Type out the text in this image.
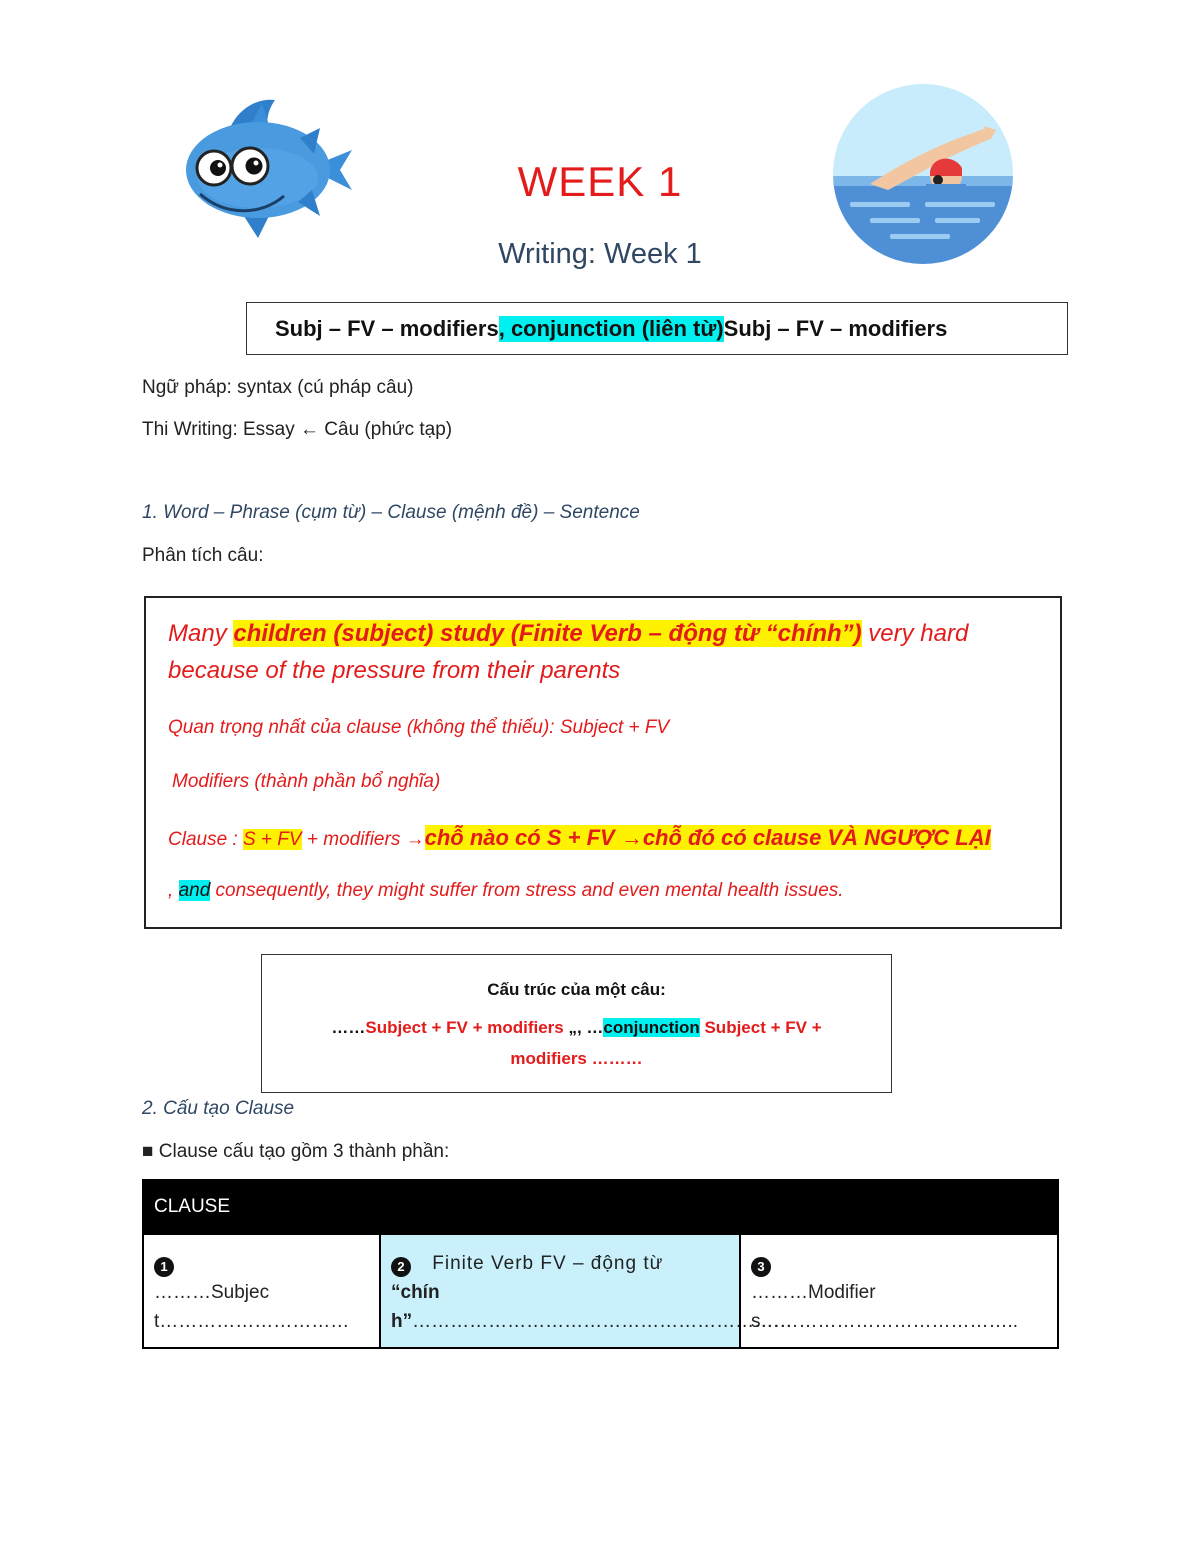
WEEK 1
Writing: Week 1
Subj – FV – modifiers , conjunction (liên từ) Subj – FV – modifiers
Ngữ pháp: syntax (cú pháp câu)
Thi Writing: Essay ← Câu (phức tạp)
1. Word – Phrase (cụm từ) – Clause (mệnh đề) – Sentence
Phân tích câu:
Many children (subject) study (Finite Verb – động từ “chính”) very hard
because of the pressure from their parents
Quan trọng nhất của clause (không thể thiếu): Subject + FV
Modifiers (thành phần bổ nghĩa)
Clause : S + FV + modifiers →chỗ nào có S + FV →chỗ đó có clause VÀ NGƯỢC LẠI
, and consequently, they might suffer from stress and even mental health issues.
Cấu trúc của một câu:
……Subject + FV + modifiers „, …conjunction Subject + FV +
modifiers ………
2. Cấu tạo Clause
■ Clause cấu tạo gồm 3 thành phần:
CLAUSE
1
………Subject…………………………
2 Finite Verb FV – động từ
“chính”……………………………………………………
3
………Modifiers…………………………………..
